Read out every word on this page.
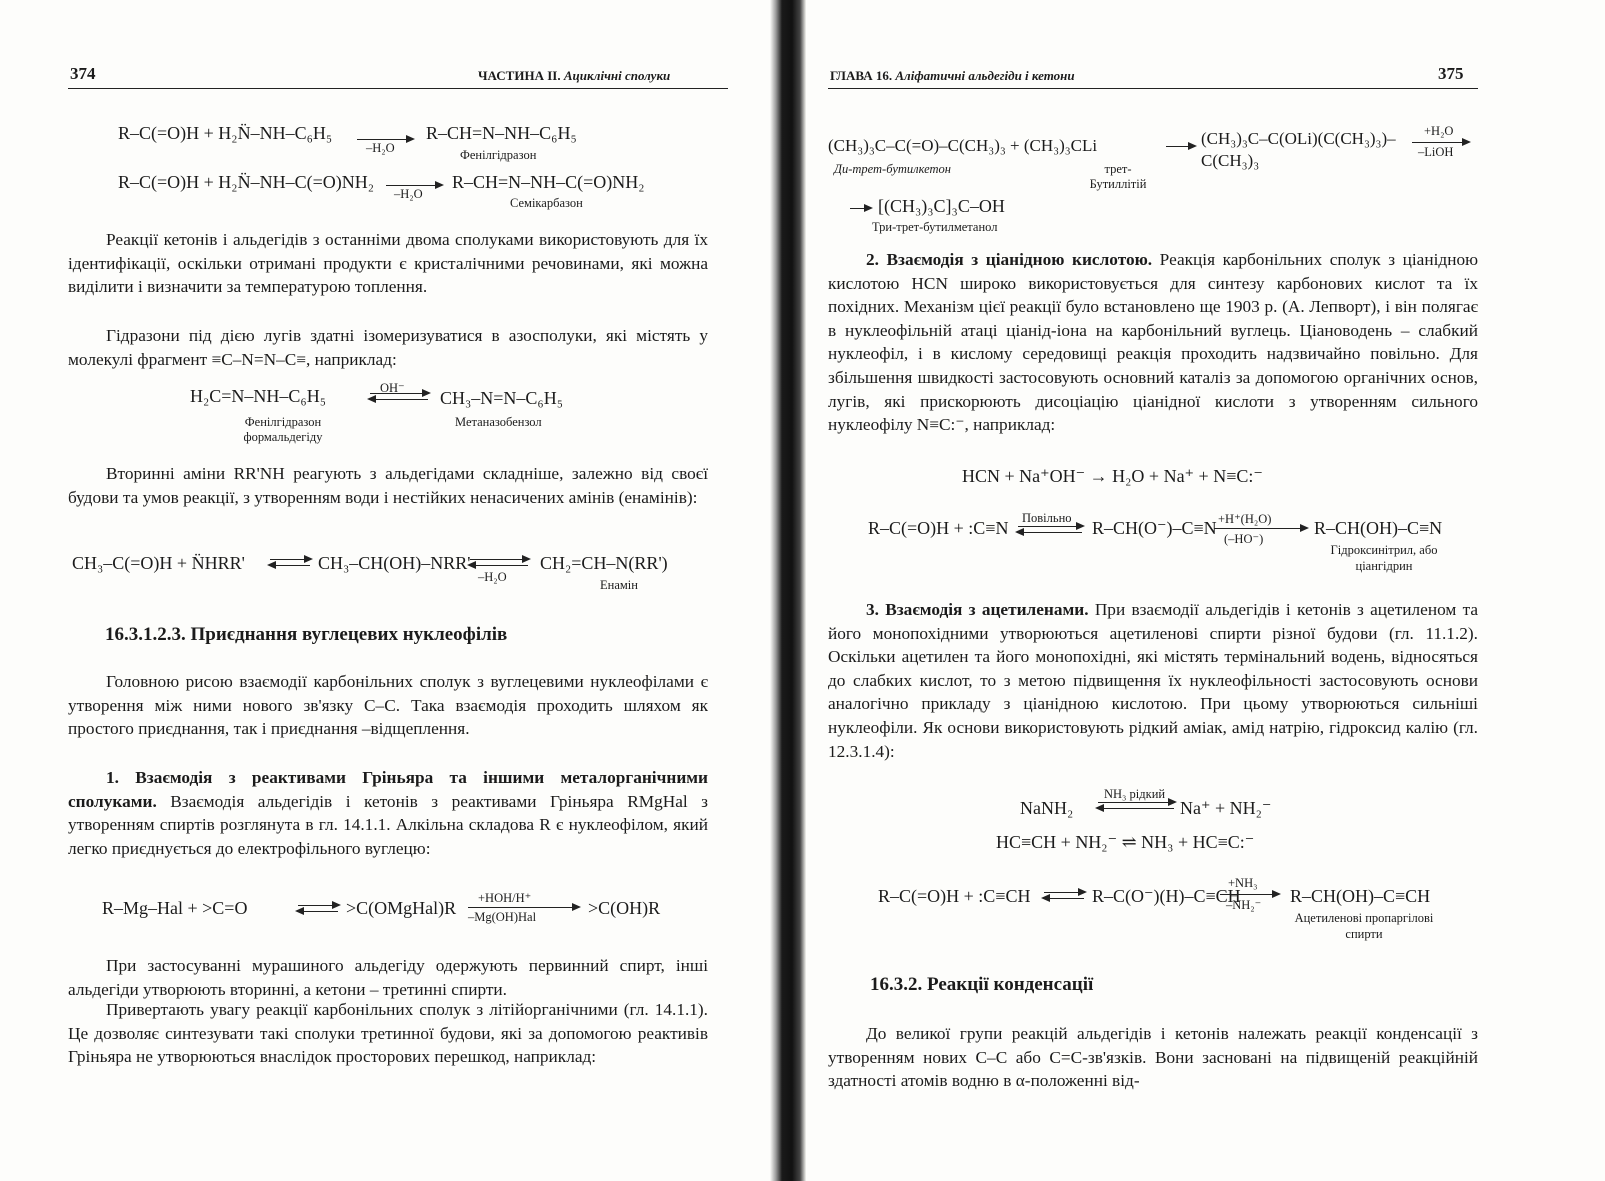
374	ЧАСТИНА II. Ациклічні сполуки
R–C(=O)H + H₂N̈–NH–C₆H₅
–H₂O
R–CH=N–NH–C₆H₅
Фенілгідразон
R–C(=O)H + H₂N̈–NH–C(=O)NH₂ →
–H₂O
R–CH=N–NH–C(=O)NH₂
Семікарбазон

Реакції кетонів і альдегідів з останніми двома сполуками використовують для їх ідентифікації, оскільки отримані продукти є кристалічними речовинами, які можна виділити і визначити за температурою топлення.

Гідразони під дією лугів здатні ізомеризуватися в азосполуки, які містять у молекулі фрагмент ≡C–N=N–C≡, наприклад:

H₂C=N–NH–C₆H₅	OH⁻ CH₃–N=N–C₆H₅
Фенілгідразон формальдегіду
Метаназобензол

Вторинні аміни RR'NH реагують з альдегідами складніше, залежно від своєї будови та умов реакції, з утворенням води і нестійких ненасичених амінів (енамінів):

CH₃–C(=O)H + N̈HRR'	CH₃–CH(OH)–NRR'
–H₂O
CH₂=CH–N(RR')
Енамін
16.3.1.2.3. Приєднання вуглецевих нуклеофілів

Головною рисою взаємодії карбонільних сполук з вуглецевими нуклеофілами є утворення між ними нового зв'язку С–С. Така взаємодія проходить шляхом як простого приєднання, так і приєднання –відщеплення.

1. Взаємодія з реактивами Гріньяра та іншими металорганічними сполуками. Взаємодія альдегідів і кетонів з реактивами Гріньяра RMgHal з утворенням спиртів розглянута в гл. 14.1.1. Алкільна складова R є нуклеофілом, який легко приєднується до електрофільного вуглецю:

R–Mg–Hal + >C=O	>C(OMgHal)R +HOH/H⁺
–Mg(OH)Hal	>C(OH)R

При застосуванні мурашиного альдегіду одержують первинний спирт, інші альдегіди утворюють вторинні, а кетони – третинні спирти.

Привертають увагу реакції карбонільних сполук з літійорганічними (гл. 14.1.1). Це дозволяє синтезувати такі сполуки третинної будови, які за допомогою реактивів Гріньяра не утворюються внаслідок просторових перешкод, наприклад:

ГЛАВА 16. Аліфатичні альдегіди і кетони	375
(CH₃)₃C–C(=O)–C(CH₃)₃ + (CH₃)₃CLi	→ (CH₃)₃C–C(OLi)(C(CH₃)₃)–C(CH₃)₃
+H₂O
–LiOH
Ди-трет-бутилкетон	трет-Бутиллітій
→ [(CH₃)₃C]₃C–OH
Три-трет-бутилметанол

2. Взаємодія з ціанідною кислотою. Реакція карбонільних сполук з ціанідною кислотою HCN широко використовується для синтезу карбонових кислот та їх похідних. Механізм цієї реакції було встановлено ще 1903 р. (А. Лепворт), і він полягає в нуклеофільній атаці ціанід-іона на карбонільний вуглець. Ціановодень – слабкий нуклеофіл, і в кислому середовищі реакція проходить надзвичайно повільно. Для збільшення швидкості застосовують основний каталіз за допомогою органічних основ, лугів, які прискорюють дисоціацію ціанідної кислоти з утворенням сильного нуклеофілу N≡C:⁻, наприклад:

HCN + Na⁺OH⁻ → H₂O + Na⁺ + N≡C:⁻
R–C(=O)H + :C≡N Повільно R–CH(O⁻)–C≡N +H⁺(H₂O)
(–HO⁻)
R–CH(OH)–C≡N
Гідроксинітрил, або ціангідрин

3. Взаємодія з ацетиленами. При взаємодії альдегідів і кетонів з ацетиленом та його монопохідними утворюються ацетиленові спирти різної будови (гл. 11.1.2). Оскільки ацетилен та його монопохідні, які містять термінальний водень, відносяться до слабких кислот, то з метою підвищення їх нуклеофільності застосовують основи аналогічно прикладу з ціанідною кислотою. При цьому утворюються сильніші нуклеофіли. Як основи використовують рідкий аміак, амід натрію, гідроксид калію (гл. 12.3.1.4):

NaNH₂
NH₃ рідкий
Na⁺ + NH₂⁻
HC≡CH + NH₂⁻ ⇌ NH₃ + HC≡C:⁻
R–C(=O)H + :C≡CH	R–C(O⁻)(H)–C≡CH
+NH₃
–NH₂⁻ R–CH(OH)–C≡CH
Ацетиленові пропаргілові спирти
16.3.2. Реакції конденсації

До великої групи реакцій альдегідів і кетонів належать реакції конденсації з утворенням нових С–С або С=С-зв'язків. Вони засновані на підвищеній реакційній здатності атомів водню в α-положенні від-
